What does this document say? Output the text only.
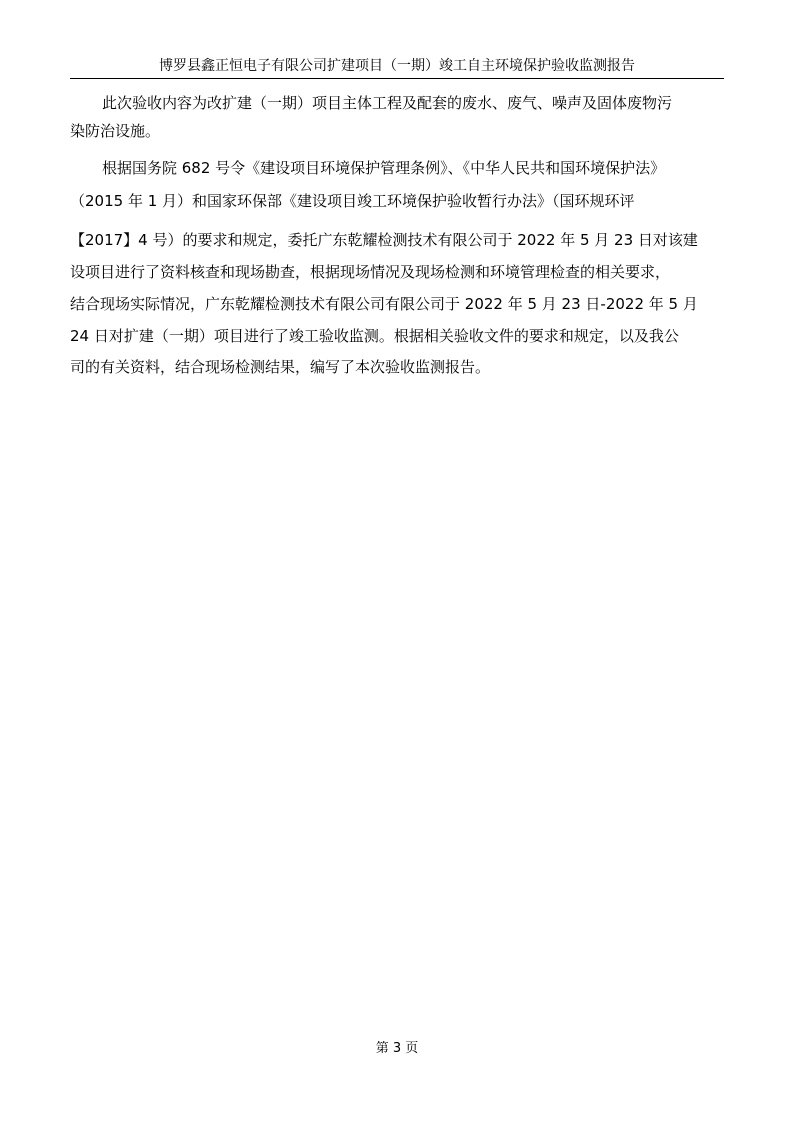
博罗县鑫正恒电子有限公司扩建项目（一期）竣工自主环境保护验收监测报告
此次验收内容为改扩建（一期）项目主体工程及配套的废水、废气、噪声及固体废物污
染防治设施。
根据国务院 682 号令《建设项目环境保护管理条例》、《中华人民共和国环境保护法》
（2015 年 1 月）和国家环保部《建设项目竣工环境保护验收暂行办法》（国环规环评
【2017】4 号）的要求和规定，委托广东乾耀检测技术有限公司于 2022 年 5 月 23 日对该建
设项目进行了资料核查和现场勘查，根据现场情况及现场检测和环境管理检查的相关要求，
结合现场实际情况，广东乾耀检测技术有限公司有限公司于 2022 年 5 月 23 日-2022 年 5 月
24 日对扩建（一期）项目进行了竣工验收监测。根据相关验收文件的要求和规定，以及我公
司的有关资料，结合现场检测结果，编写了本次验收监测报告。
第 3 页
